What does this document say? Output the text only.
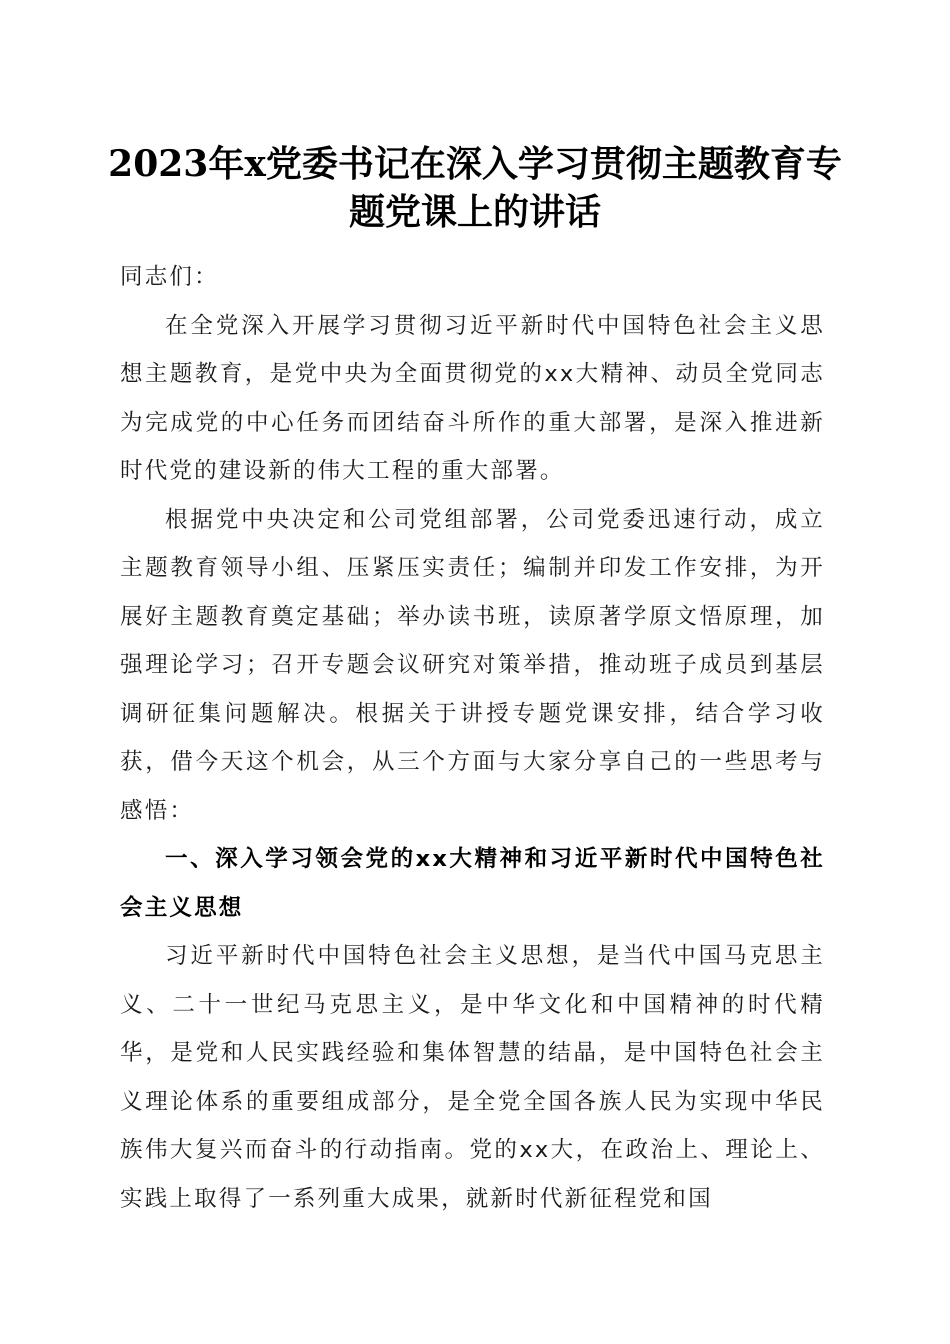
2023年x党委书记在深入学习贯彻主题教育专题党课上的讲话

同志们：

在全党深入开展学习贯彻习近平新时代中国特色社会主义思想主题教育，是党中央为全面贯彻党的xx大精神、动员全党同志为完成党的中心任务而团结奋斗所作的重大部署，是深入推进新时代党的建设新的伟大工程的重大部署。

根据党中央决定和公司党组部署，公司党委迅速行动，成立主题教育领导小组、压紧压实责任；编制并印发工作安排，为开展好主题教育奠定基础；举办读书班，读原著学原文悟原理，加强理论学习；召开专题会议研究对策举措，推动班子成员到基层调研征集问题解决。根据关于讲授专题党课安排，结合学习收获，借今天这个机会，从三个方面与大家分享自己的一些思考与感悟：

一、深入学习领会党的xx大精神和习近平新时代中国特色社会主义思想

习近平新时代中国特色社会主义思想，是当代中国马克思主义、二十一世纪马克思主义，是中华文化和中国精神的时代精华，是党和人民实践经验和集体智慧的结晶，是中国特色社会主义理论体系的重要组成部分，是全党全国各族人民为实现中华民族伟大复兴而奋斗的行动指南。党的xx大，在政治上、理论上、实践上取得了一系列重大成果，就新时代新征程党和国
